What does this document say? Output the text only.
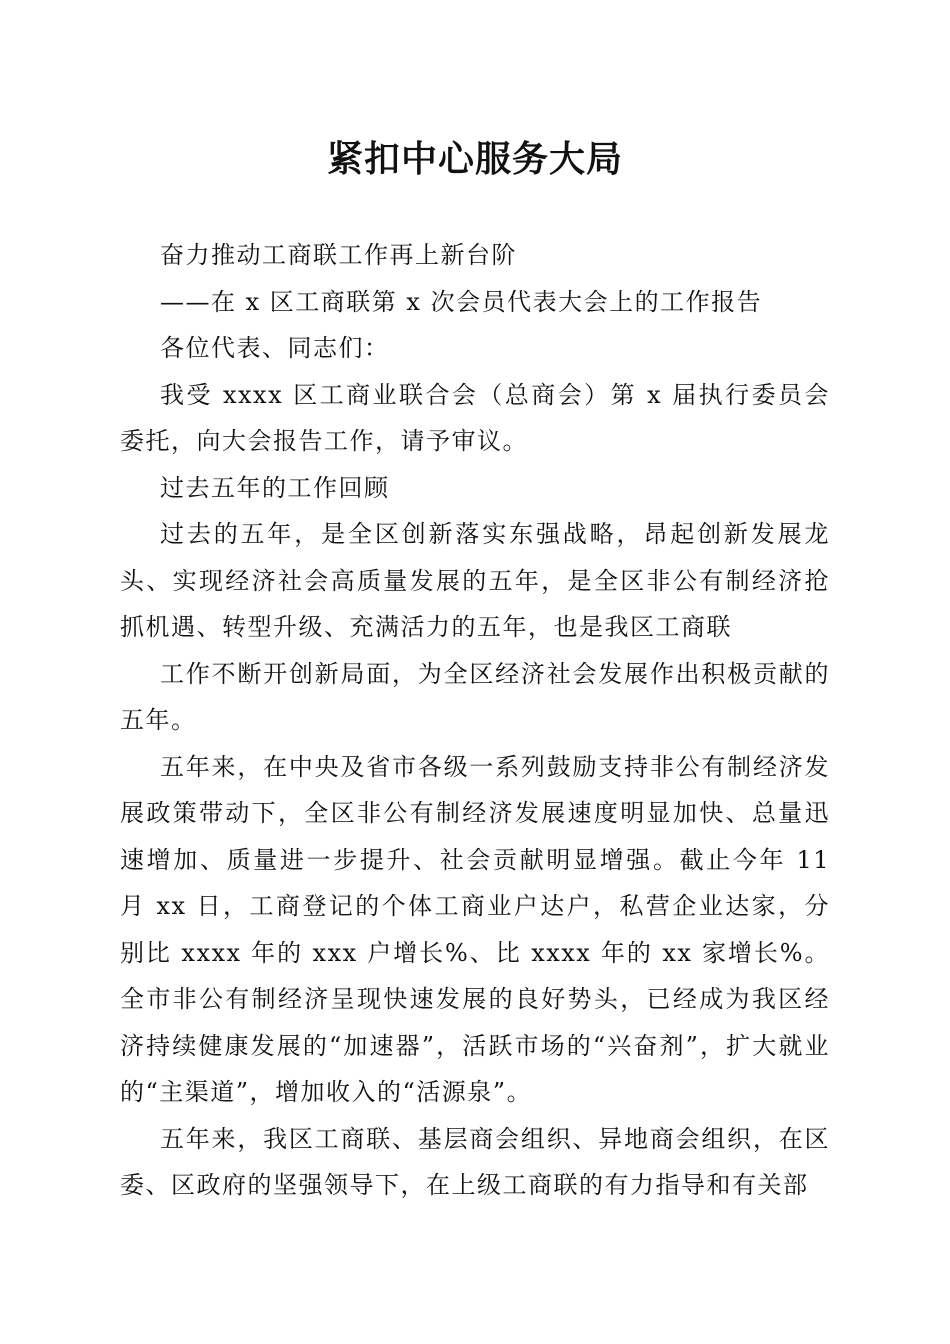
紧扣中心服务大局

奋力推动工商联工作再上新台阶

——在 x 区工商联第 x 次会员代表大会上的工作报告

各位代表、同志们：

我受 xxxx 区工商业联合会（总商会）第 x 届执行委员会委托，向大会报告工作，请予审议。

过去五年的工作回顾

过去的五年，是全区创新落实东强战略，昂起创新发展龙头、实现经济社会高质量发展的五年，是全区非公有制经济抢抓机遇、转型升级、充满活力的五年，也是我区工商联

工作不断开创新局面，为全区经济社会发展作出积极贡献的五年。

五年来，在中央及省市各级一系列鼓励支持非公有制经济发展政策带动下，全区非公有制经济发展速度明显加快、总量迅速增加、质量进一步提升、社会贡献明显增强。截止今年 11 月 xx 日，工商登记的个体工商业户达户，私营企业达家，分别比 xxxx 年的 xxx 户增长%、比 xxxx 年的 xx 家增长%。全市非公有制经济呈现快速发展的良好势头，已经成为我区经济持续健康发展的“加速器”，活跃市场的“兴奋剂”，扩大就业的“主渠道”，增加收入的“活源泉”。

五年来，我区工商联、基层商会组织、异地商会组织，在区委、区政府的坚强领导下，在上级工商联的有力指导和有关部
